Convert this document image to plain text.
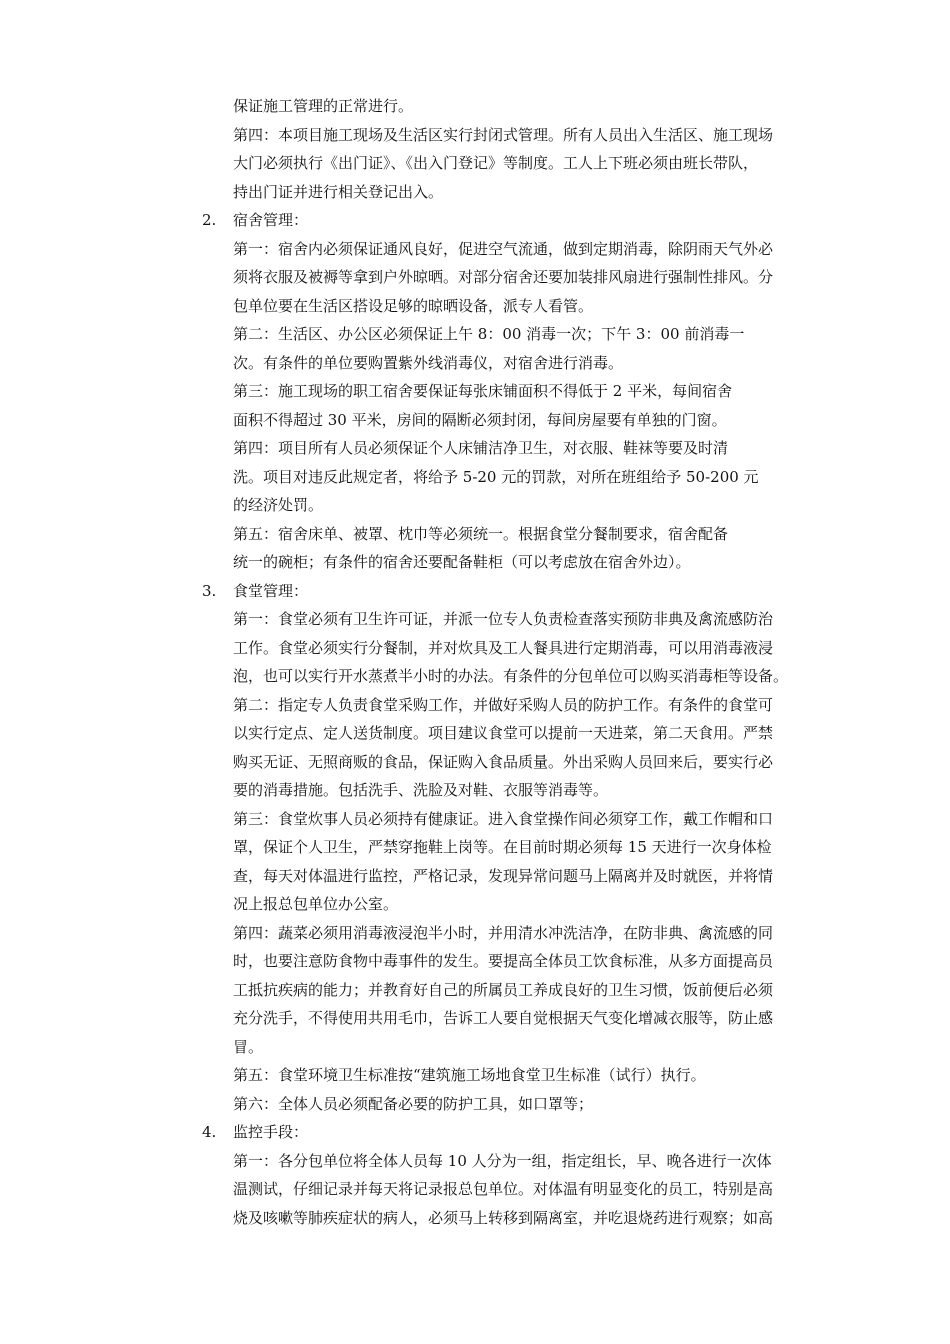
保证施工管理的正常进行。
第四：本项目施工现场及生活区实行封闭式管理。所有人员出入生活区、施工现场
大门必须执行《出门证》、《出入门登记》等制度。工人上下班必须由班长带队，
持出门证并进行相关登记出入。
2. 宿舍管理：
第一：宿舍内必须保证通风良好，促进空气流通，做到定期消毒，除阴雨天气外必
须将衣服及被褥等拿到户外晾晒。对部分宿舍还要加装排风扇进行强制性排风。分
包单位要在生活区搭设足够的晾晒设备，派专人看管。
第二：生活区、办公区必须保证上午 8：00 消毒一次；下午 3：00 前消毒一
次。有条件的单位要购置紫外线消毒仪，对宿舍进行消毒。
第三：施工现场的职工宿舍要保证每张床铺面积不得低于 2 平米，每间宿舍
面积不得超过 30 平米，房间的隔断必须封闭，每间房屋要有单独的门窗。
第四：项目所有人员必须保证个人床铺洁净卫生，对衣服、鞋袜等要及时清
洗。项目对违反此规定者，将给予 5-20 元的罚款，对所在班组给予 50-200 元
的经济处罚。
第五：宿舍床单、被罩、枕巾等必须统一。根据食堂分餐制要求，宿舍配备
统一的碗柜；有条件的宿舍还要配备鞋柜（可以考虑放在宿舍外边）。
3. 食堂管理：
第一：食堂必须有卫生许可证，并派一位专人负责检查落实预防非典及禽流感防治
工作。食堂必须实行分餐制，并对炊具及工人餐具进行定期消毒，可以用消毒液浸
泡，也可以实行开水蒸煮半小时的办法。有条件的分包单位可以购买消毒柜等设备。
第二：指定专人负责食堂采购工作，并做好采购人员的防护工作。有条件的食堂可
以实行定点、定人送货制度。项目建议食堂可以提前一天进菜，第二天食用。严禁
购买无证、无照商贩的食品，保证购入食品质量。外出采购人员回来后，要实行必
要的消毒措施。包括洗手、洗脸及对鞋、衣服等消毒等。
第三：食堂炊事人员必须持有健康证。进入食堂操作间必须穿工作，戴工作帽和口
罩，保证个人卫生，严禁穿拖鞋上岗等。在目前时期必须每 15 天进行一次身体检
查，每天对体温进行监控，严格记录，发现异常问题马上隔离并及时就医，并将情
况上报总包单位办公室。
第四：蔬菜必须用消毒液浸泡半小时，并用清水冲洗洁净，在防非典、禽流感的同
时，也要注意防食物中毒事件的发生。要提高全体员工饮食标准，从多方面提高员
工抵抗疾病的能力；并教育好自己的所属员工养成良好的卫生习惯，饭前便后必须
充分洗手，不得使用共用毛巾，告诉工人要自觉根据天气变化增减衣服等，防止感
冒。
第五：食堂环境卫生标准按“建筑施工场地食堂卫生标准（试行）执行。
第六：全体人员必须配备必要的防护工具，如口罩等；
4. 监控手段：
第一：各分包单位将全体人员每 10 人分为一组，指定组长，早、晚各进行一次体
温测试，仔细记录并每天将记录报总包单位。对体温有明显变化的员工，特别是高
烧及咳嗽等肺疾症状的病人，必须马上转移到隔离室，并吃退烧药进行观察；如高
